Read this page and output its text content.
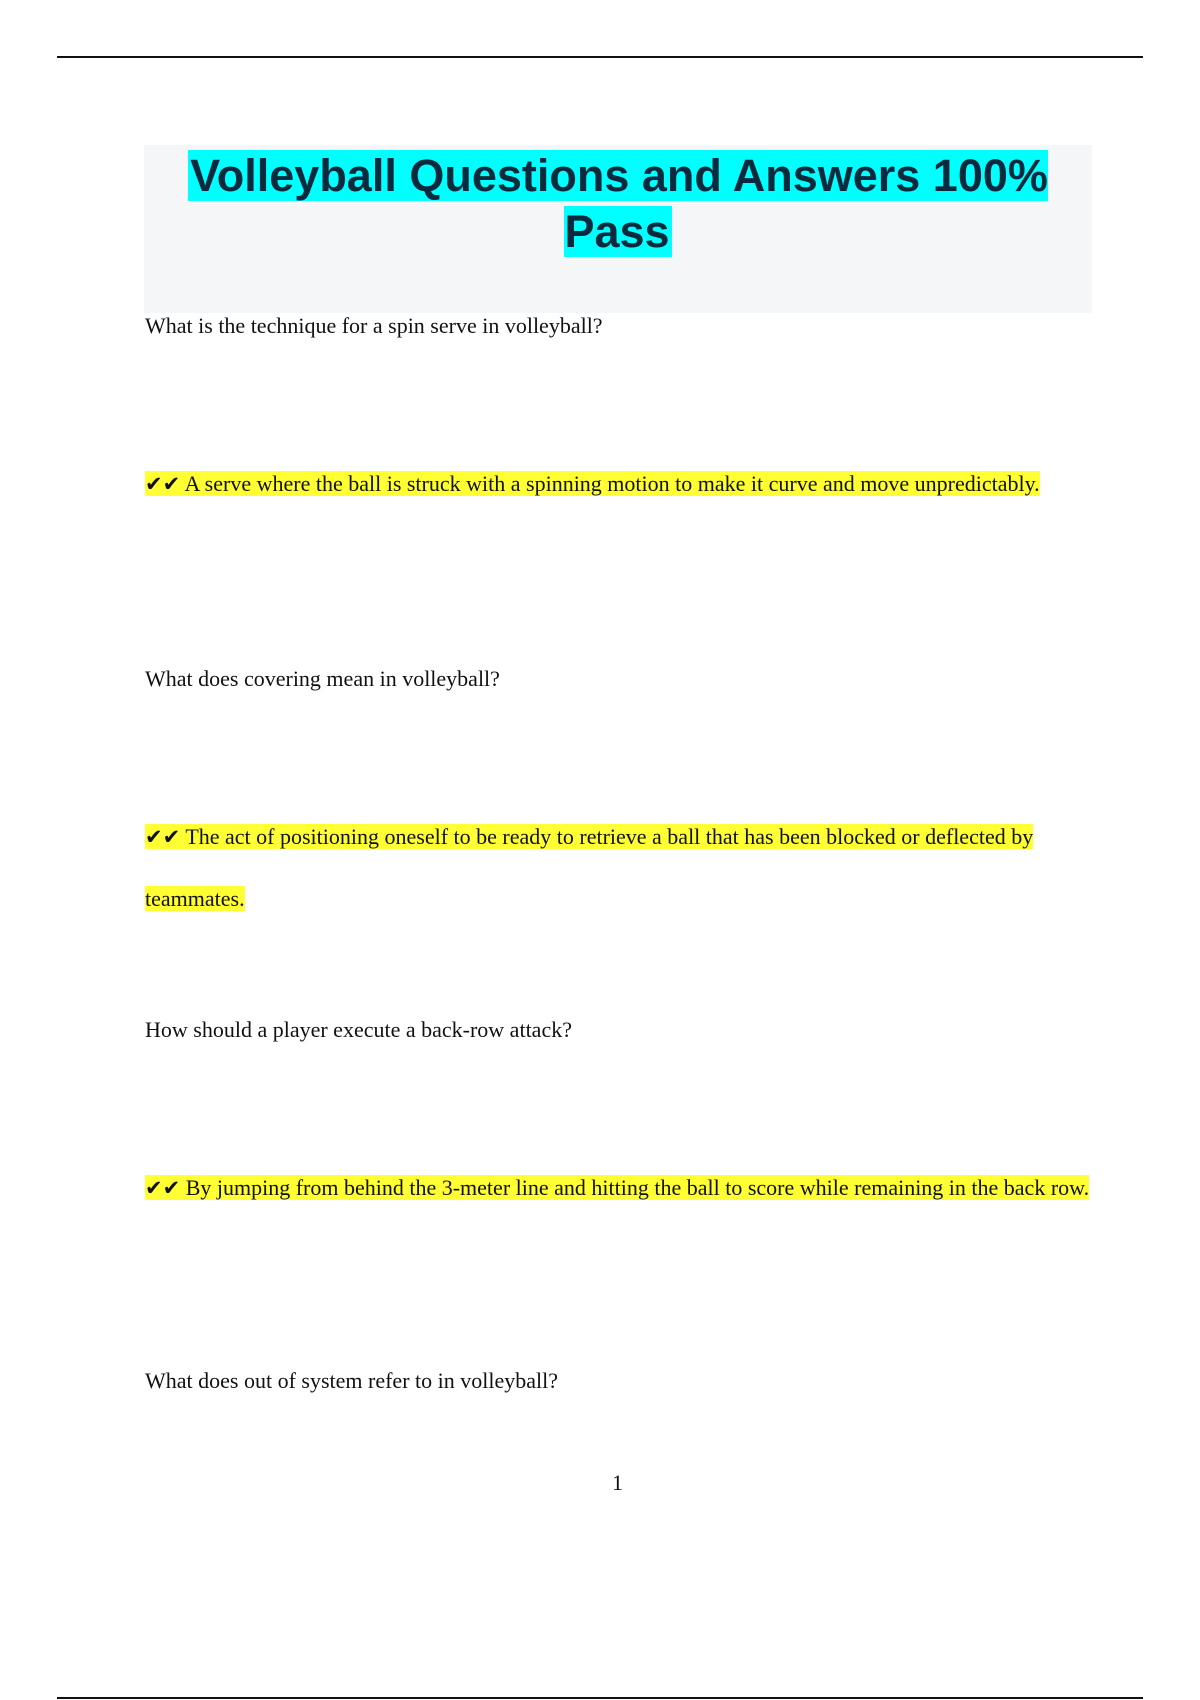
Volleyball Questions and Answers 100% Pass

What is the technique for a spin serve in volleyball?

✔✔ A serve where the ball is struck with a spinning motion to make it curve and move unpredictably.

What does covering mean in volleyball?

✔✔ The act of positioning oneself to be ready to retrieve a ball that has been blocked or deflected by teammates.

How should a player execute a back-row attack?

✔✔ By jumping from behind the 3-meter line and hitting the ball to score while remaining in the back row.

What does out of system refer to in volleyball?

1
